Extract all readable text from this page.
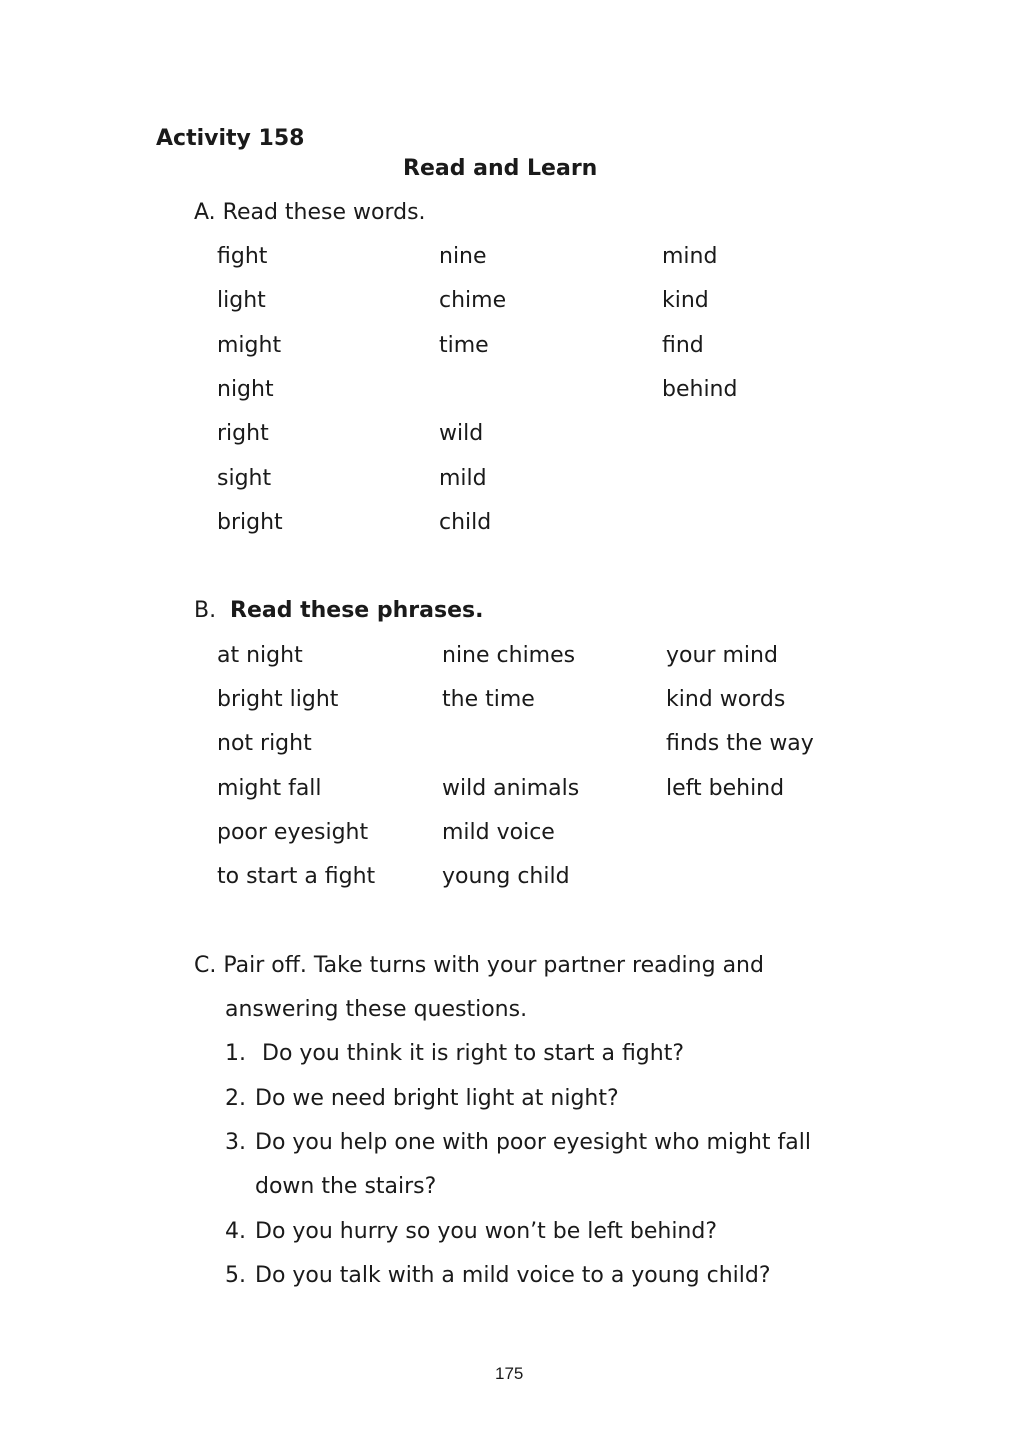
Activity 158
Read and Learn
A. Read these words.
fight
light
might
night
right
sight
bright
nine
chime
time
wild
mild
child
mind
kind
find
behind
B. Read these phrases.
at night
bright light
not right
might fall
poor eyesight
to start a fight
nine chimes
the time
wild animals
mild voice
young child
your mind
kind words
finds the way
left behind
C. Pair off. Take turns with your partner reading and
answering these questions.
1. Do you think it is right to start a fight?
2. Do we need bright light at night?
3. Do you help one with poor eyesight who might fall
down the stairs?
4. Do you hurry so you won’t be left behind?
5. Do you talk with a mild voice to a young child?
175
